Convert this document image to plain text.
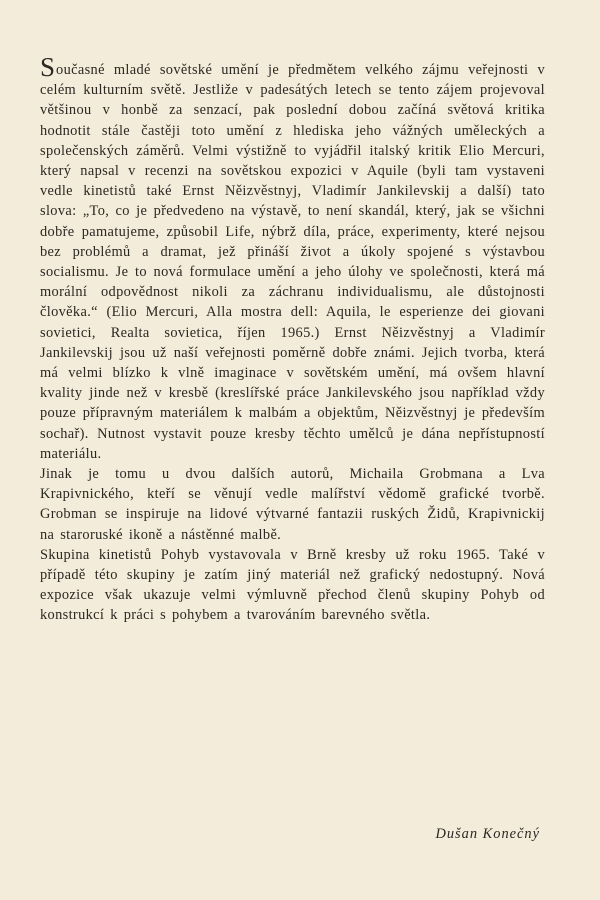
Současné mladé sovětské umění je předmětem velkého zájmu veřejnosti v celém kulturním světě. Jestliže v padesátých letech se tento zájem projevoval většinou v honbě za senzací, pak poslední dobou začíná světová kritika hodnotit stále častěji toto umění z hlediska jeho vážných uměleckých a společenských záměrů. Velmi výstižně to vyjádřil italský kritik Elio Mercuri, který napsal v recenzi na sovětskou expozici v Aquile (byli tam vystaveni vedle kinetistů také Ernst Něizvěstnyj, Vladimír Jankilevskij a další) tato slova: „To, co je předvedeno na výstavě, to není skandál, který, jak se všichni dobře pamatujeme, způsobil Life, nýbrž díla, práce, experimenty, které nejsou bez problémů a dramat, jež přináší život a úkoly spojené s výstavbou socialismu. Je to nová formulace umění a jeho úlohy ve společnosti, která má morální odpovědnost nikoli za záchranu individualismu, ale důstojnosti člověka.“ (Elio Mercuri, Alla mostra dell: Aquila, le esperienze dei giovani sovietici, Realta sovietica, říjen 1965.) Ernst Něizvěstnyj a Vladimír Jankilevskij jsou už naší veřejnosti poměrně dobře známi. Jejich tvorba, která má velmi blízko k vlně imaginace v sovětském umění, má ovšem hlavní kvality jinde než v kresbě (kreslířské práce Jankilevského jsou například vždy pouze přípravným materiálem k malbám a objektům, Něizvěstnyj je především sochař). Nutnost vystavit pouze kresby těchto umělců je dána nepřístupností materiálu.

Jinak je tomu u dvou dalších autorů, Michaila Grobmana a Lva Krapivnického, kteří se věnují vedle malířství vědomě grafické tvorbě. Grobman se inspiruje na lidové výtvarné fantazii ruských Židů, Krapivnickij na staroruské ikoně a nástěnné malbě.

Skupina kinetistů Pohyb vystavovala v Brně kresby už roku 1965. Také v případě této skupiny je zatím jiný materiál než grafický nedostupný. Nová expozice však ukazuje velmi výmluvně přechod členů skupiny Pohyb od konstrukcí k práci s pohybem a tvarováním barevného světla.

Dušan Konečný
